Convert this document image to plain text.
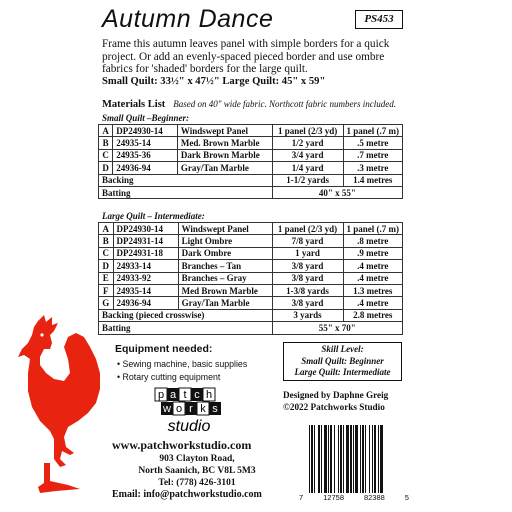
Autumn Dance	PS453
Frame this autumn leaves panel with simple borders for a quick project. Or add an evenly-spaced pieced border and use ombre fabrics for 'shaded' borders for the large quilt.
Small Quilt: 33½" x 47½" Large Quilt: 45" x 59"
Materials List Based on 40" wide fabric. Northcott fabric numbers included.
Small Quilt –Beginner:
A	DP24930-14	Windswept Panel	1 panel (2/3 yd)	1 panel (.7 m)
B	24935-14	Med. Brown Marble	1/2 yard	.5 metre
C	24935-36	Dark Brown Marble	3/4 yard	.7 metre
D	24936-94	Gray/Tan Marble	1/4 yard	.3 metre
Backing			1-1/2 yards	1.4 metres
Batting			40" x 55"	
Large Quilt – Intermediate:
A	DP24930-14	Windswept Panel	1 panel (2/3 yd)	1 panel (.7 m)
B	DP24931-14	Light Ombre	7/8 yard	.8 metre
C	DP24931-18	Dark Ombre	1 yard	.9 metre
D	24933-14	Branches – Tan	3/8 yard	.4 metre
E	24933-92	Branches – Gray	3/8 yard	.4 metre
F	24935-14	Med Brown Marble	1-3/8 yards	1.3 metres
G	24936-94	Gray/Tan Marble	3/8 yard	.4 metre
Backing (pieced crosswise)			3 yards	2.8 metres
Batting			55" x 70"	
Equipment needed:
• Sewing machine, basic supplies
• Rotary cutting equipment
Skill Level:
Small Quilt: Beginner
Large Quilt: Intermediate
Designed by Daphne Greig
©2022 Patchworks Studio
p a t c h
w o r k s
studio
www.patchworkstudio.com
903 Clayton Road,
North Saanich, BC V8L 5M3
Tel: (778) 426-3101
Email: info@patchworkstudio.com	7	12758	82388	5
